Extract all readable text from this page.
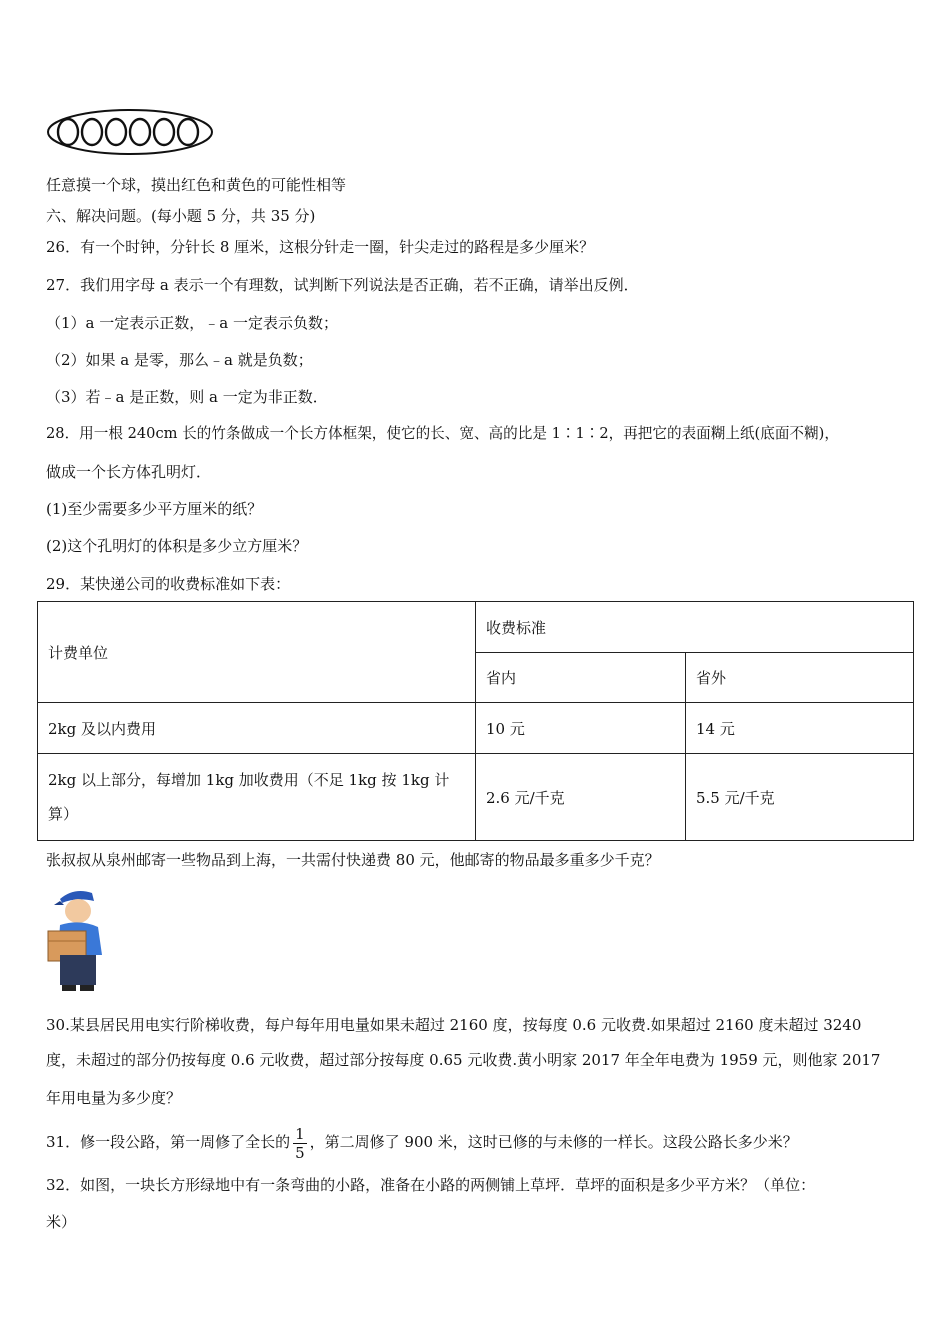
任意摸一个球，摸出红色和黄色的可能性相等
六、解决问题。(每小题 5 分，共 35 分)
26．有一个时钟，分针长 8 厘米，这根分针走一圈，针尖走过的路程是多少厘米？
27．我们用字母 a 表示一个有理数，试判断下列说法是否正确，若不正确，请举出反例．
（1）a 一定表示正数，﹣a 一定表示负数；
（2）如果 a 是零，那么﹣a 就是负数；
（3）若﹣a 是正数，则 a 一定为非正数．
28．用一根 240cm 长的竹条做成一个长方体框架，使它的长、宽、高的比是 1∶1∶2，再把它的表面糊上纸(底面不糊)，
做成一个长方体孔明灯．
(1)至少需要多少平方厘米的纸？
(2)这个孔明灯的体积是多少立方厘米？
29．某快递公司的收费标准如下表：
计费单位	收费标准	
	省内	省外
2kg 及以内费用	10 元	14 元
2kg 以上部分，每增加 1kg 加收费用（不足 1kg 按 1kg 计
算）	2.6 元/千克	5.5 元/千克
张叔叔从泉州邮寄一些物品到上海，一共需付快递费 80 元，他邮寄的物品最多重多少千克？
30.某县居民用电实行阶梯收费，每户每年用电量如果未超过 2160 度，按每度 0.6 元收费.如果超过 2160 度未超过 3240
度，未超过的部分仍按每度 0.6 元收费，超过部分按每度 0.65 元收费.黄小明家 2017 年全年电费为 1959 元，则他家 2017
年用电量为多少度？
31．修一段公路，第一周修了全长的 $\frac{1}{5}$ ，第二周修了 900 米，这时已修的与未修的一样长。这段公路长多少米？
32．如图，一块长方形绿地中有一条弯曲的小路，准备在小路的两侧铺上草坪．草坪的面积是多少平方米？（单位：
米）
